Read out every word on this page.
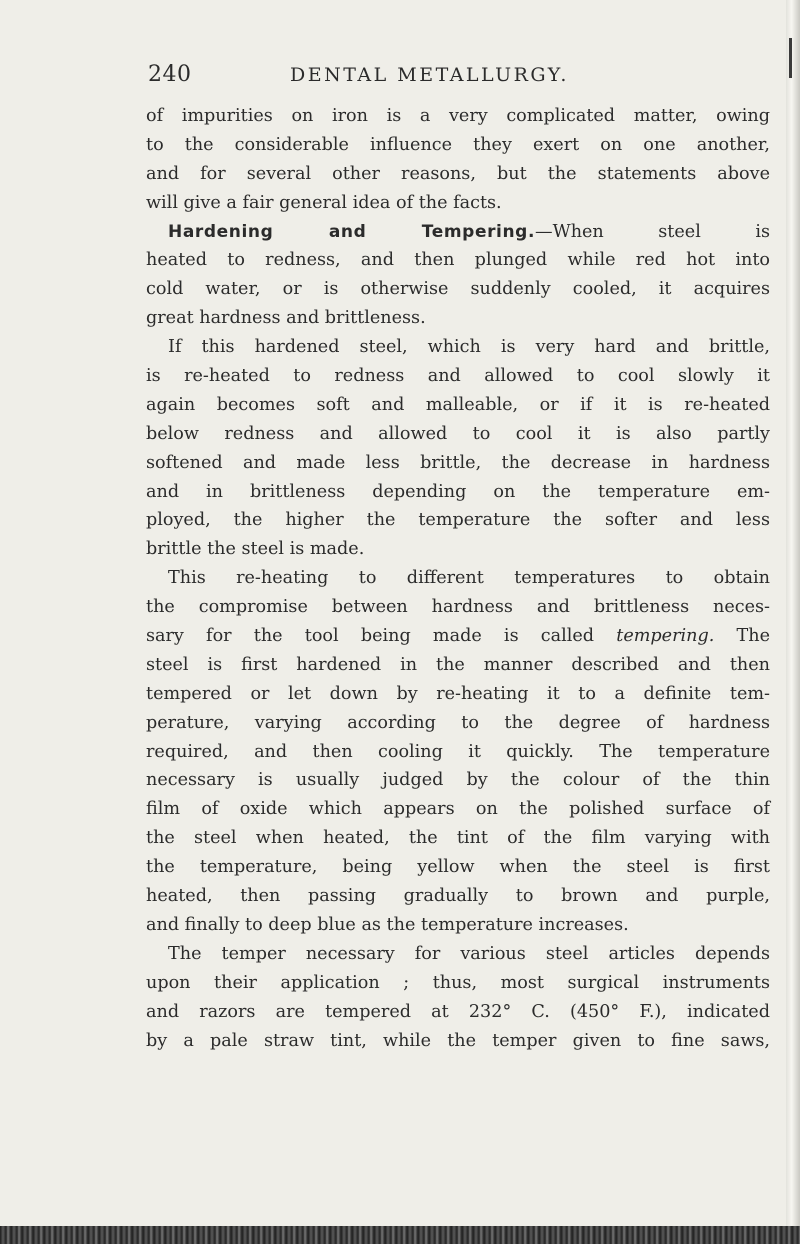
240	DENTAL METALLURGY.
of impurities on iron is a very complicated matter, owing
to the considerable influence they exert on one another,
and for several other reasons, but the statements above
will give a fair general idea of the facts.
Hardening and Tempering.—When steel is
heated to redness, and then plunged while red hot into
cold water, or is otherwise suddenly cooled, it acquires
great hardness and brittleness.
If this hardened steel, which is very hard and brittle,
is re-heated to redness and allowed to cool slowly it
again becomes soft and malleable, or if it is re-heated
below redness and allowed to cool it is also partly
softened and made less brittle, the decrease in hardness
and in brittleness depending on the temperature em-
ployed, the higher the temperature the softer and less
brittle the steel is made.
This re-heating to different temperatures to obtain
the compromise between hardness and brittleness neces-
sary for the tool being made is called tempering. The
steel is first hardened in the manner described and then
tempered or let down by re-heating it to a definite tem-
perature, varying according to the degree of hardness
required, and then cooling it quickly. The temperature
necessary is usually judged by the colour of the thin
film of oxide which appears on the polished surface of
the steel when heated, the tint of the film varying with
the temperature, being yellow when the steel is first
heated, then passing gradually to brown and purple,
and finally to deep blue as the temperature increases.
The temper necessary for various steel articles depends
upon their application ; thus, most surgical instruments
and razors are tempered at 232° C. (450° F.), indicated
by a pale straw tint, while the temper given to fine saws,
